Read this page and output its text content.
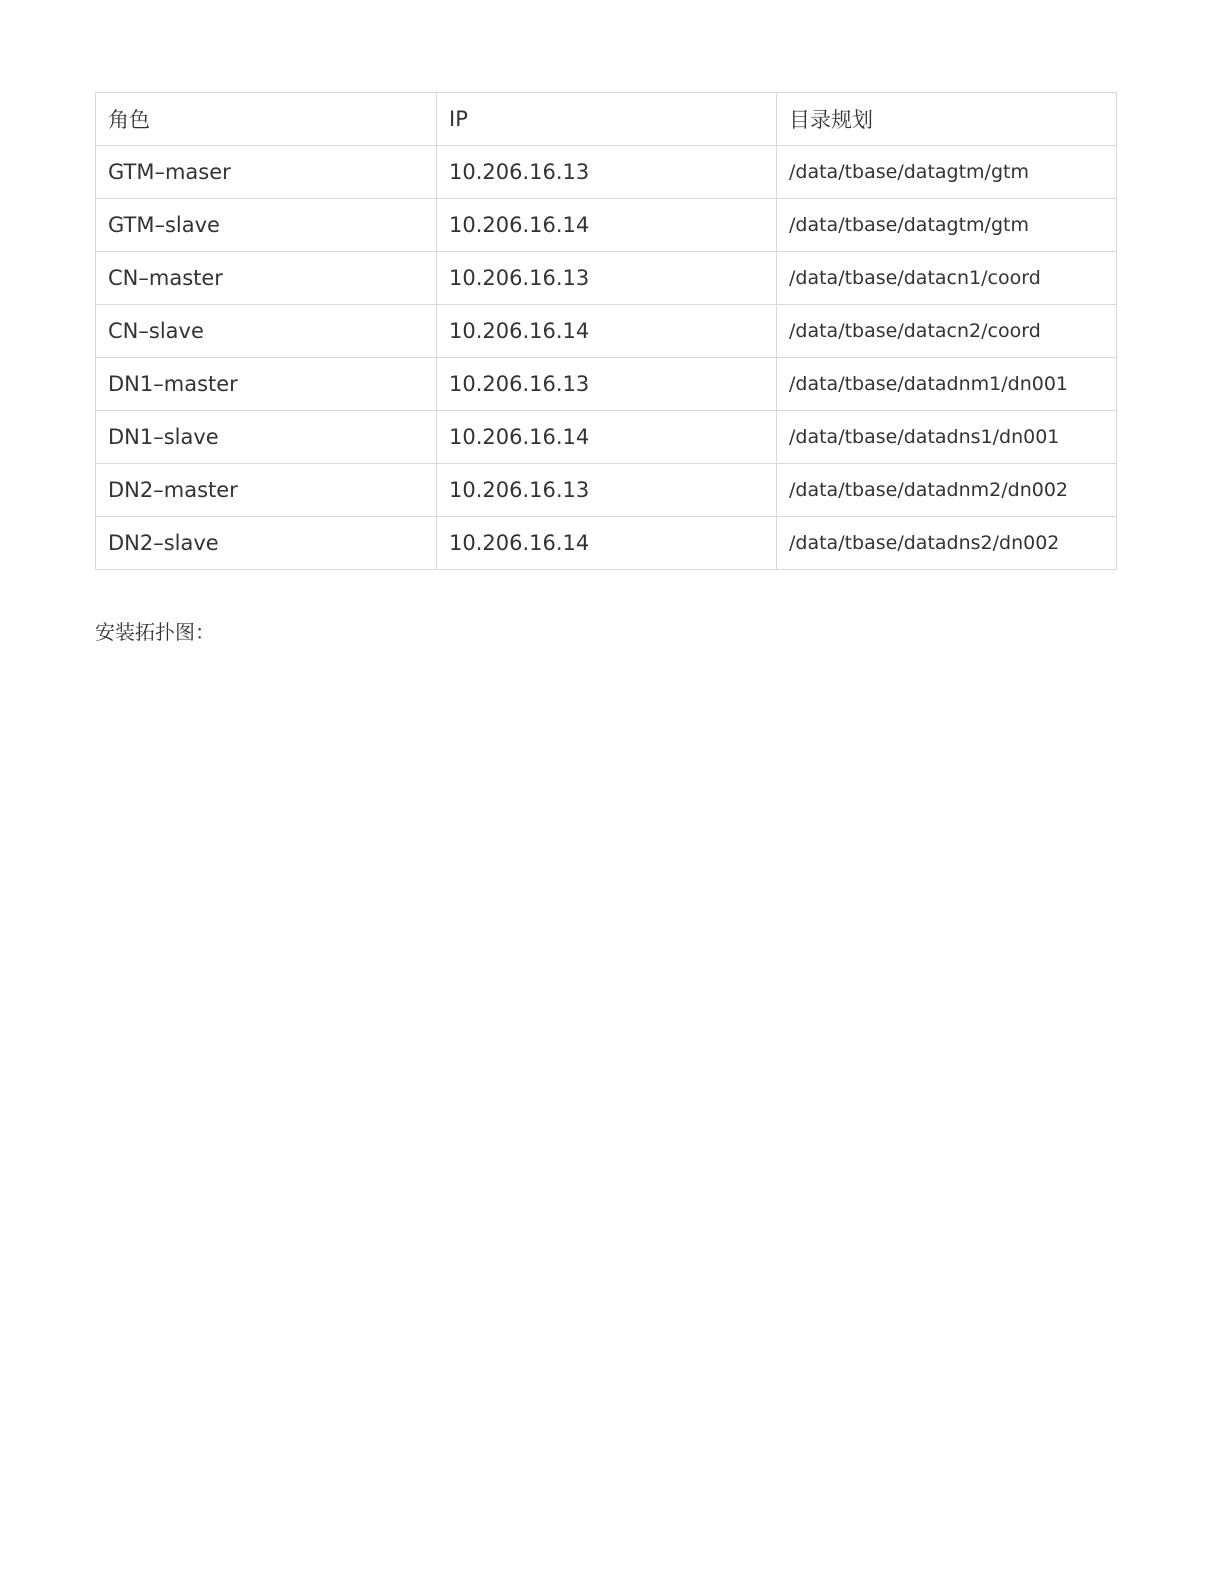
角色	IP	目录规划
GTM–maser	10.206.16.13	/data/tbase/datagtm/gtm
GTM–slave	10.206.16.14	/data/tbase/datagtm/gtm
CN–master	10.206.16.13	/data/tbase/datacn1/coord
CN–slave	10.206.16.14	/data/tbase/datacn2/coord
DN1–master	10.206.16.13	/data/tbase/datadnm1/dn001
DN1–slave	10.206.16.14	/data/tbase/datadns1/dn001
DN2–master	10.206.16.13	/data/tbase/datadnm2/dn002
DN2–slave	10.206.16.14	/data/tbase/datadns2/dn002

安装拓扑图：
